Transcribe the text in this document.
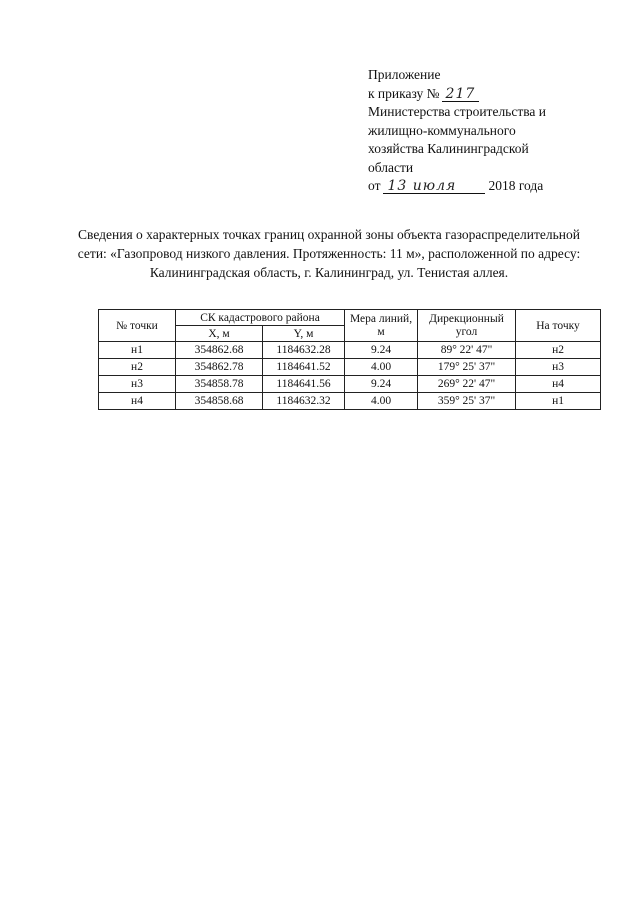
Приложение
к приказу № 217
Министерства строительства и
жилищно-коммунального
хозяйства Калининградской
области
от 13 июля 2018 года
Сведения о характерных точках границ охранной зоны объекта газораспределительной сети: «Газопровод низкого давления. Протяженность: 11 м», расположенной по адресу: Калининградская область, г. Калининград, ул. Тенистая аллея.
№ точки	СК кадастрового района		Мера линий, м	Дирекционный угол	На точку
	X, м	Y, м			
н1	354862.68	1184632.28	9.24	89° 22' 47"	н2
н2	354862.78	1184641.52	4.00	179° 25' 37"	н3
н3	354858.78	1184641.56	9.24	269° 22' 47"	н4
н4	354858.68	1184632.32	4.00	359° 25' 37"	н1
